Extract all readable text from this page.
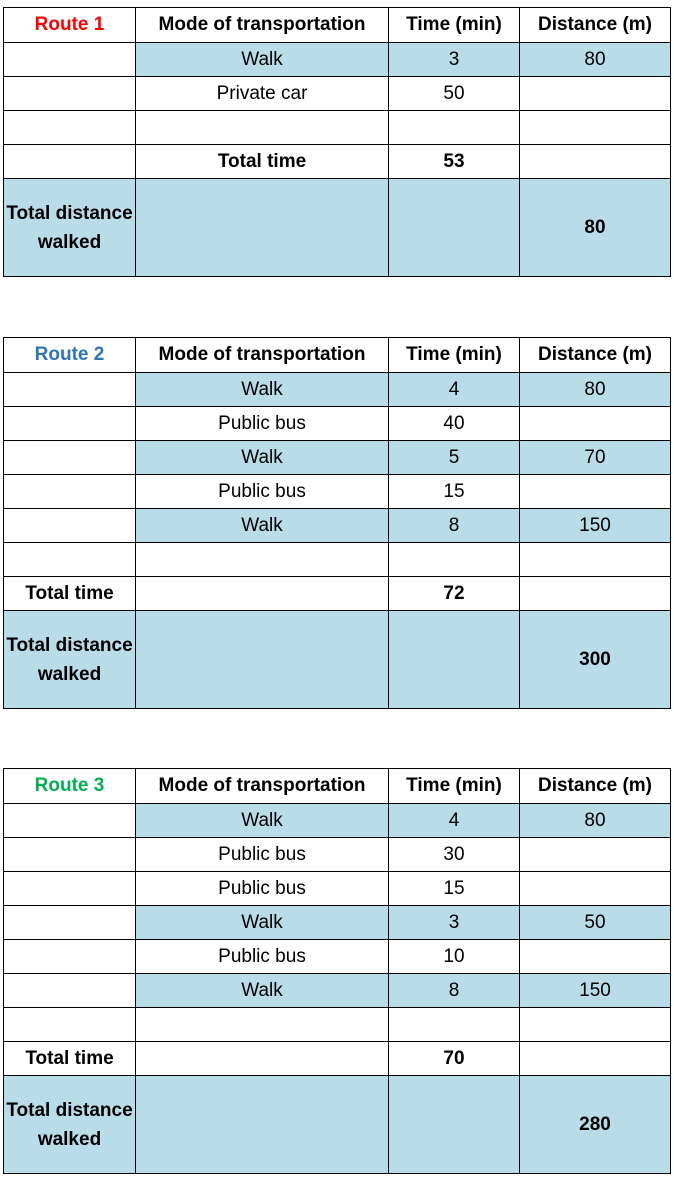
Route 1	Mode of transportation	Time (min)	Distance (m)
	Walk	3	80
	Private car	50	

	Total time	53	
Total distance walked			80
Route 2	Mode of transportation	Time (min)	Distance (m)
	Walk	4	80
	Public bus	40	
	Walk	5	70
	Public bus	15	
	Walk	8	150

Total time		72	
Total distance walked			300
Route 3	Mode of transportation	Time (min)	Distance (m)
	Walk	4	80
	Public bus	30	
	Public bus	15	
	Walk	3	50
	Public bus	10	
	Walk	8	150

Total time		70	
Total distance walked			280
